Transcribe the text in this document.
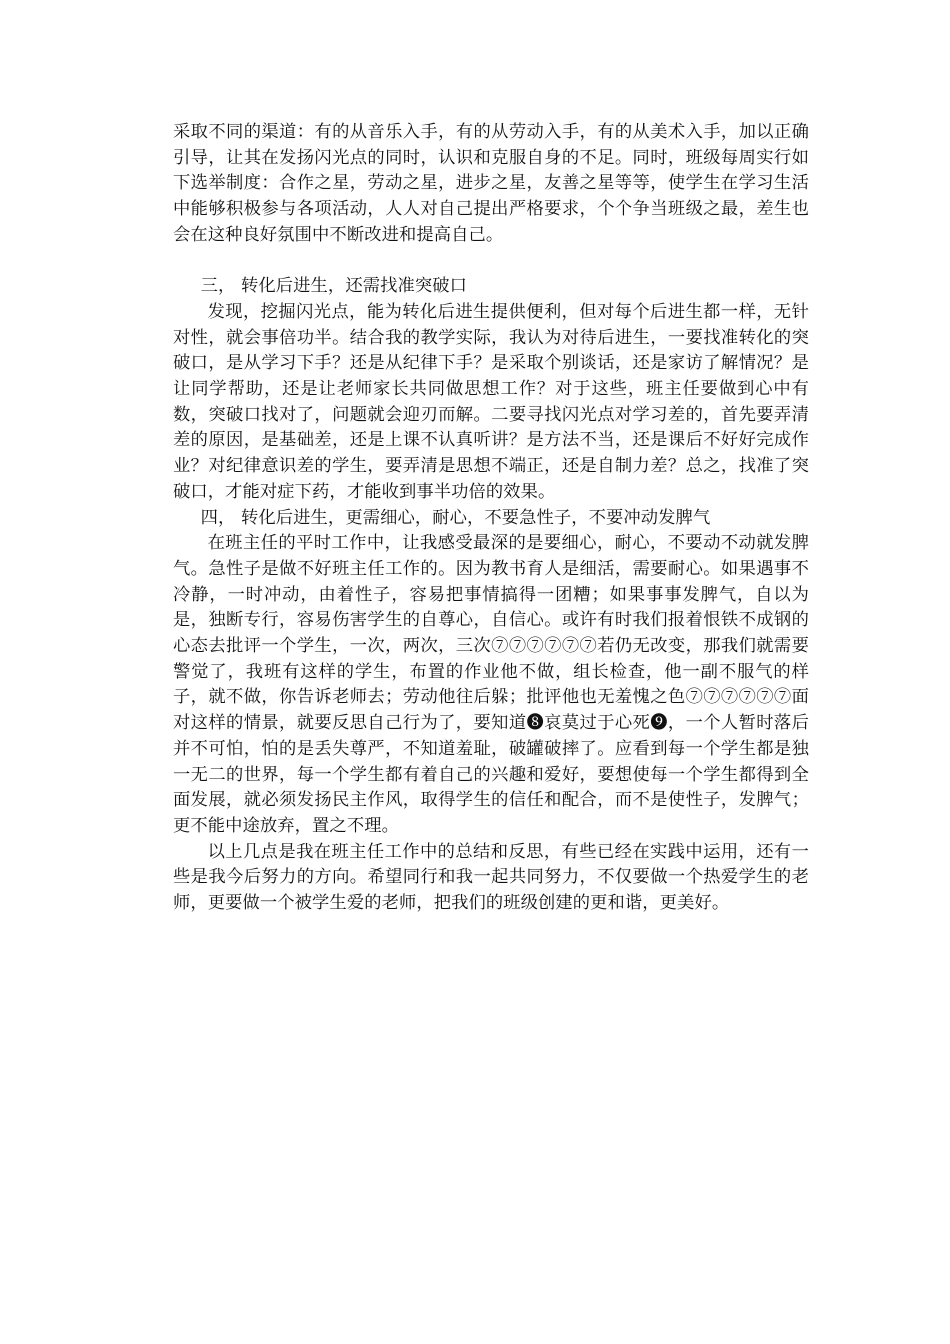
采取不同的渠道：有的从音乐入手，有的从劳动入手，有的从美术入手，加以正确引导，让其在发扬闪光点的同时，认识和克服自身的不足。同时，班级每周实行如下选举制度：合作之星，劳动之星，进步之星，友善之星等等，使学生在学习生活中能够积极参与各项活动，人人对自己提出严格要求，个个争当班级之最，差生也会在这种良好氛围中不断改进和提高自己。

三， 转化后进生，还需找准突破口

发现，挖掘闪光点，能为转化后进生提供便利，但对每个后进生都一样，无针对性，就会事倍功半。结合我的教学实际，我认为对待后进生，一要找准转化的突破口，是从学习下手？还是从纪律下手？是采取个别谈话，还是家访了解情况？是让同学帮助，还是让老师家长共同做思想工作？对于这些，班主任要做到心中有数，突破口找对了，问题就会迎刃而解。二要寻找闪光点对学习差的，首先要弄清差的原因，是基础差，还是上课不认真听讲？是方法不当，还是课后不好好完成作业？对纪律意识差的学生，要弄清是思想不端正，还是自制力差？总之，找准了突破口，才能对症下药，才能收到事半功倍的效果。

四， 转化后进生，更需细心，耐心，不要急性子，不要冲动发脾气

在班主任的平时工作中，让我感受最深的是要细心，耐心，不要动不动就发脾气。急性子是做不好班主任工作的。因为教书育人是细活，需要耐心。如果遇事不冷静，一时冲动，由着性子，容易把事情搞得一团糟；如果事事发脾气，自以为是，独断专行，容易伤害学生的自尊心，自信心。或许有时我们报着恨铁不成钢的心态去批评一个学生，一次，两次，三次⑦⑦⑦⑦⑦⑦若仍无改变，那我们就需要警觉了，我班有这样的学生，布置的作业他不做，组长检查，他一副不服气的样子，就不做，你告诉老师去；劳动他往后躲；批评他也无羞愧之色⑦⑦⑦⑦⑦⑦面对这样的情景，就要反思自己行为了，要知道❽哀莫过于心死❾，一个人暂时落后并不可怕，怕的是丢失尊严，不知道羞耻，破罐破摔了。应看到每一个学生都是独一无二的世界，每一个学生都有着自己的兴趣和爱好，要想使每一个学生都得到全面发展，就必须发扬民主作风，取得学生的信任和配合，而不是使性子，发脾气；更不能中途放弃，置之不理。

以上几点是我在班主任工作中的总结和反思，有些已经在实践中运用，还有一些是我今后努力的方向。希望同行和我一起共同努力，不仅要做一个热爱学生的老师，更要做一个被学生爱的老师，把我们的班级创建的更和谐，更美好。
